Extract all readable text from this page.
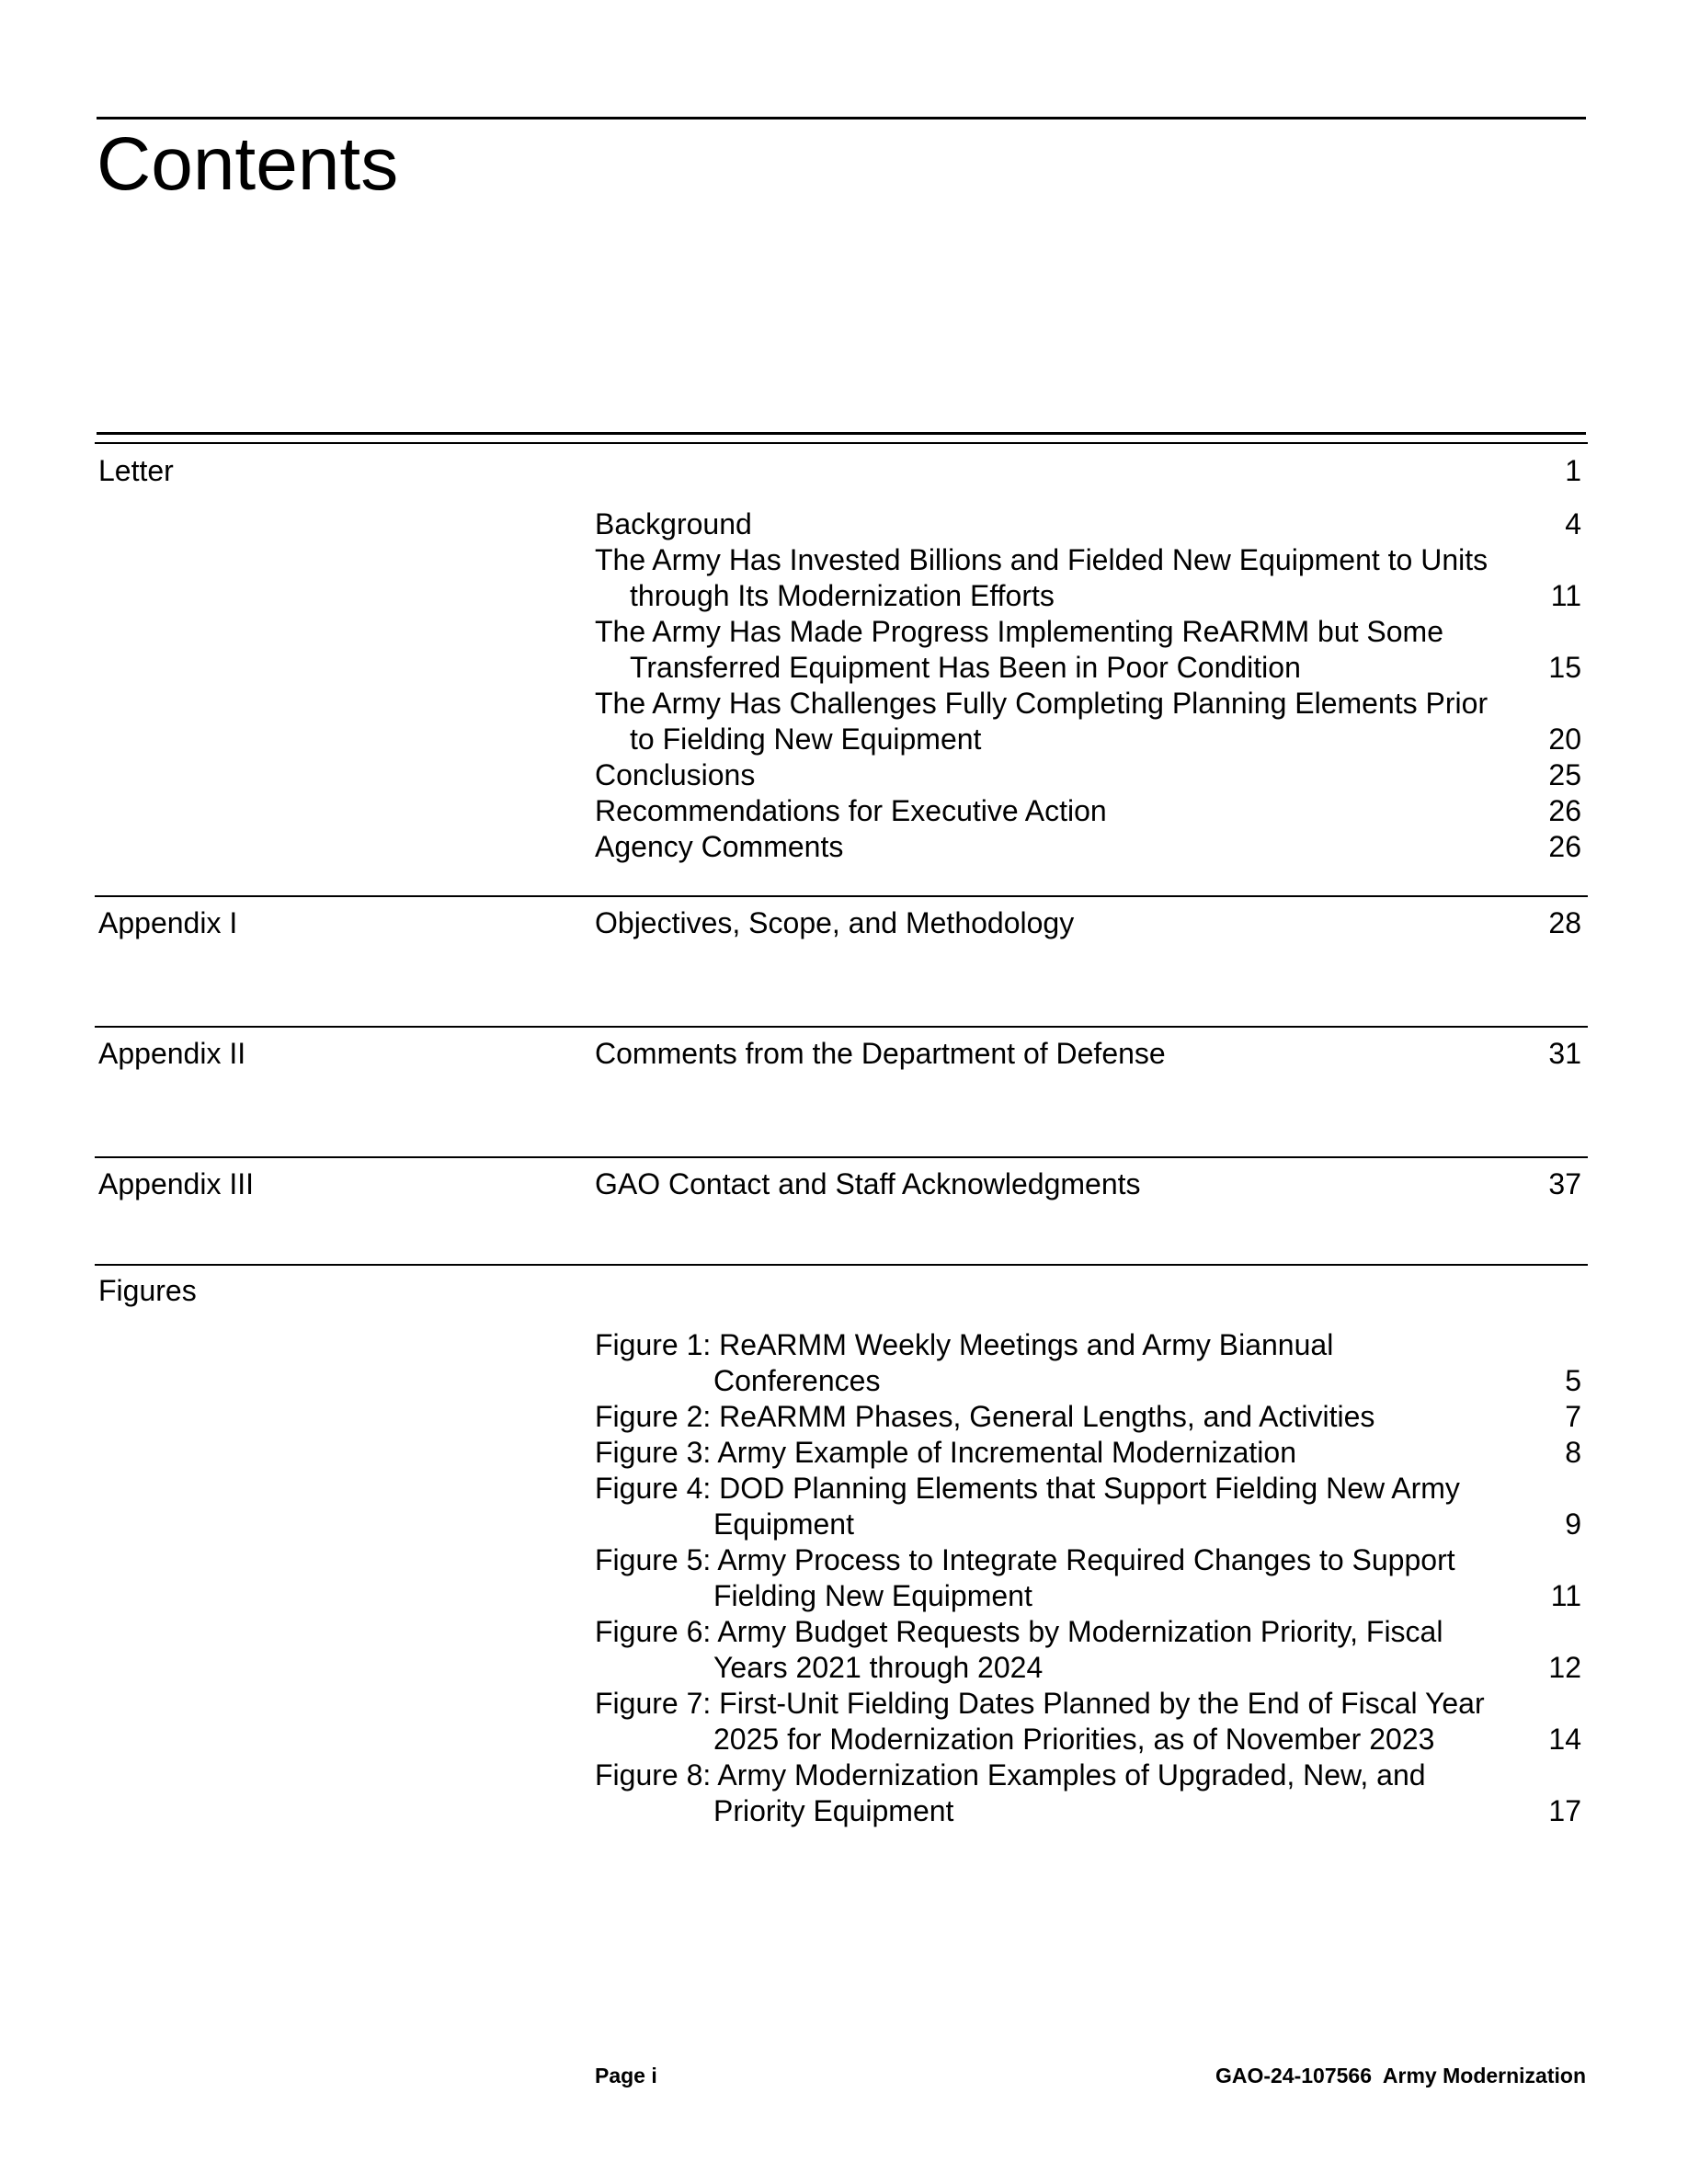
Contents
Letter	1
Background	4
The Army Has Invested Billions and Fielded New Equipment to Units through Its Modernization Efforts	11
The Army Has Made Progress Implementing ReARMM but Some Transferred Equipment Has Been in Poor Condition	15
The Army Has Challenges Fully Completing Planning Elements Prior to Fielding New Equipment	20
Conclusions	25
Recommendations for Executive Action	26
Agency Comments	26
Appendix I	Objectives, Scope, and Methodology	28
Appendix II	Comments from the Department of Defense	31
Appendix III	GAO Contact and Staff Acknowledgments	37
Figures
Figure 1: ReARMM Weekly Meetings and Army Biannual Conferences	5
Figure 2: ReARMM Phases, General Lengths, and Activities	7
Figure 3: Army Example of Incremental Modernization	8
Figure 4: DOD Planning Elements that Support Fielding New Army Equipment	9
Figure 5: Army Process to Integrate Required Changes to Support Fielding New Equipment	11
Figure 6: Army Budget Requests by Modernization Priority, Fiscal Years 2021 through 2024	12
Figure 7: First-Unit Fielding Dates Planned by the End of Fiscal Year 2025 for Modernization Priorities, as of November 2023	14
Figure 8: Army Modernization Examples of Upgraded, New, and Priority Equipment	17
Page i	GAO-24-107566  Army Modernization
